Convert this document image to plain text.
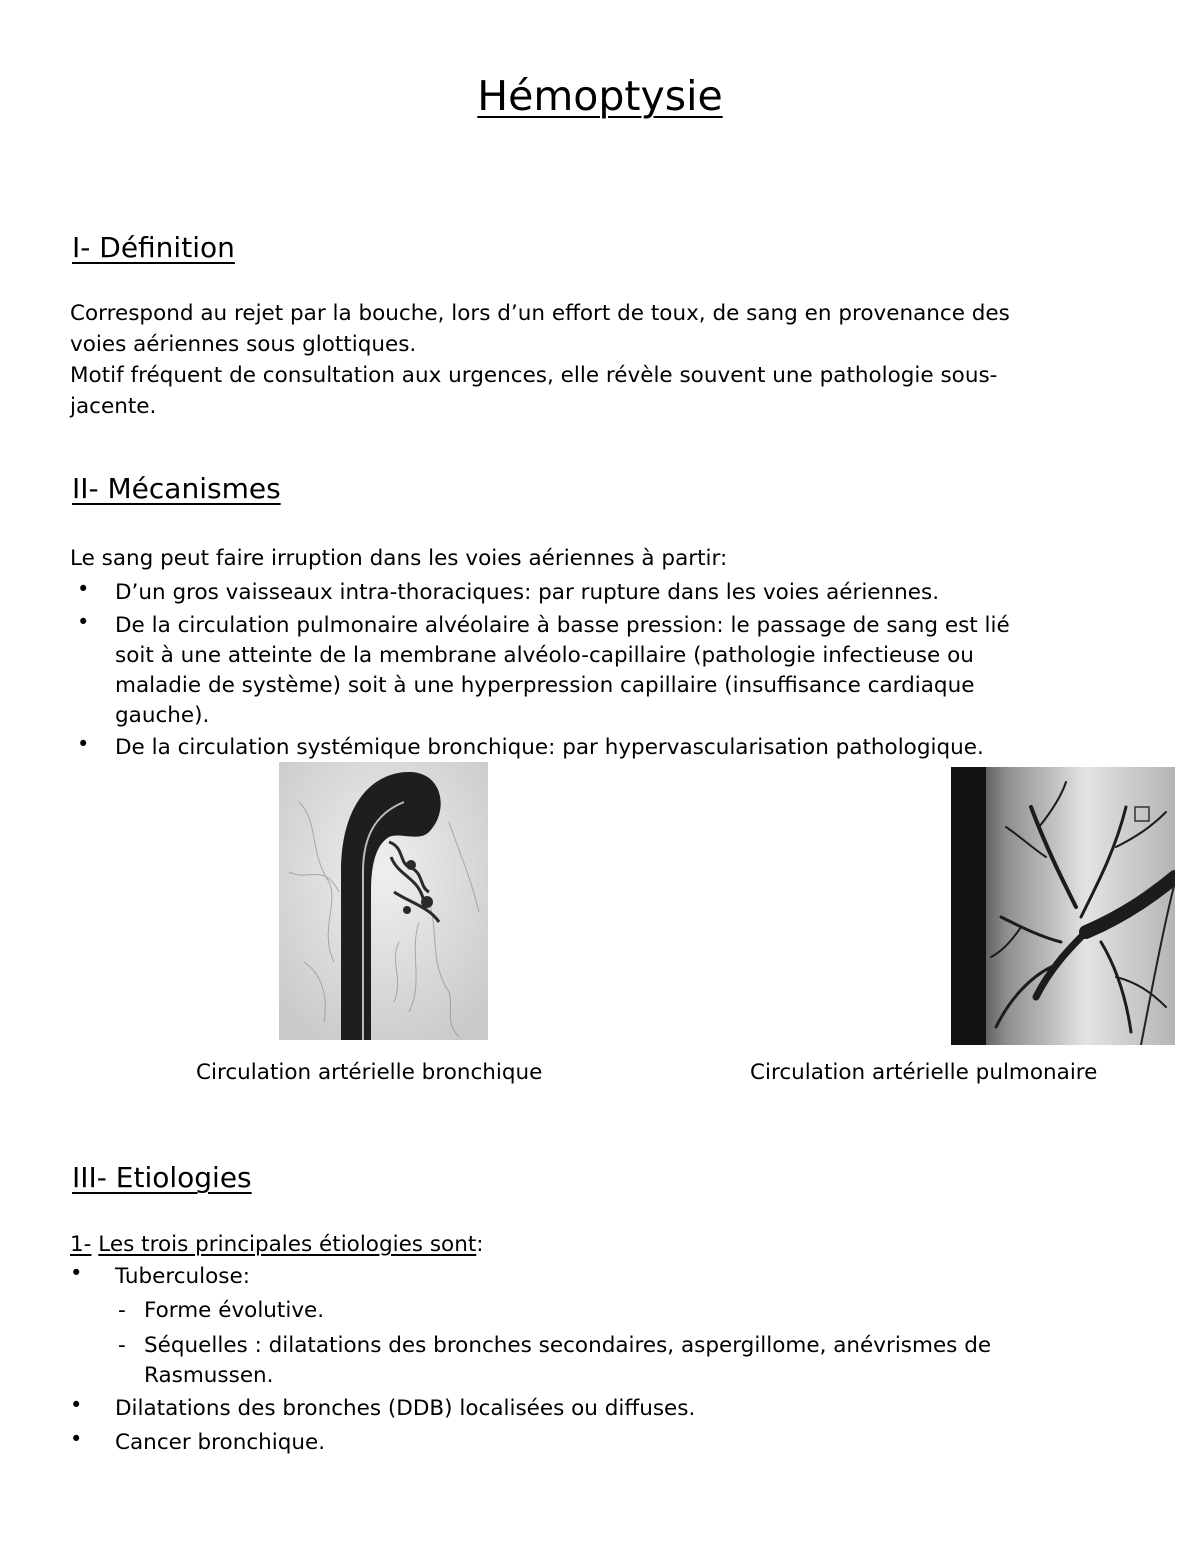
Hémoptysie
I- Définition
Correspond au rejet par la bouche, lors d’un effort de toux, de sang en provenance des
voies aériennes sous glottiques.
Motif fréquent de consultation aux urgences, elle révèle souvent une pathologie sous-
jacente.
II- Mécanismes
Le sang peut faire irruption dans les voies aériennes à partir:
• D’un gros vaisseaux intra-thoraciques: par rupture dans les voies aériennes.
• De la circulation pulmonaire alvéolaire à basse pression: le passage de sang est lié
soit à une atteinte de la membrane alvéolo-capillaire (pathologie infectieuse ou
maladie de système) soit à une hyperpression capillaire (insuffisance cardiaque
gauche).
• De la circulation systémique bronchique: par hypervascularisation pathologique.
Circulation artérielle bronchique	Circulation artérielle pulmonaire
III- Etiologies
1- Les trois principales étiologies sont:
• Tuberculose:
- Forme évolutive.
- Séquelles : dilatations des bronches secondaires, aspergillome, anévrismes de
Rasmussen.
• Dilatations des bronches (DDB) localisées ou diffuses.
• Cancer bronchique.
